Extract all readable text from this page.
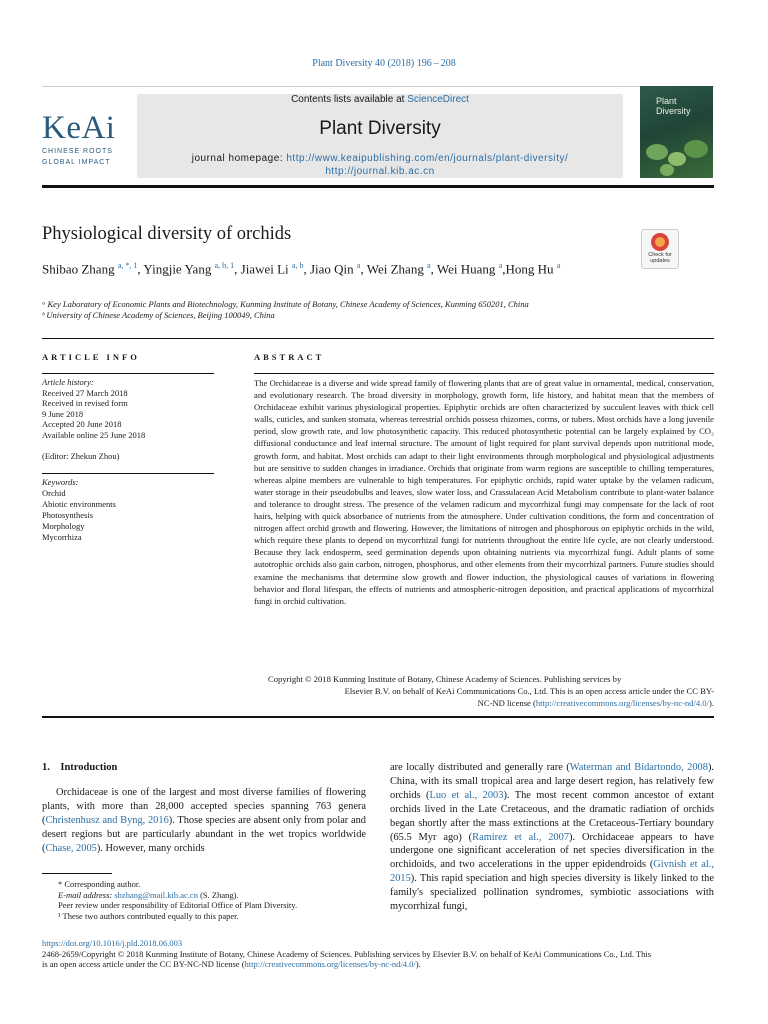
Plant Diversity 40 (2018) 196 – 208
KeAi
CHINESE ROOTS
GLOBAL IMPACT
Contents lists available at ScienceDirect
Plant Diversity
journal homepage: http://www.keaipublishing.com/en/journals/plant-diversity/
http://journal.kib.ac.cn
Plant
Diversity
Physiological diversity of orchids
Check for
updates
Shibao Zhang $^{a, *, 1}$, Yingjie Yang $^{a, b, 1}$, Jiawei Li $^{a, b}$, Jiao Qin $^a$, Wei Zhang $^a$, Wei Huang $^a$,Hong Hu $^a$
ᵃ Key Laboratory of Economic Plants and Biotechnology, Kunming Institute of Botany, Chinese Academy of Sciences, Kunming 650201, China
ᵇ University of Chinese Academy of Sciences, Beijing 100049, China
ARTICLE INFO
Article history:
Received 27 March 2018
Received in revised form
9 June 2018
Accepted 20 June 2018
Available online 25 June 2018
(Editor: Zhekun Zhou)
Keywords:
Orchid
Abiotic environments
Photosynthesis
Morphology
Mycorrhiza
ABSTRACT
The Orchidaceae is a diverse and wide spread family of flowering plants that are of great value in ornamental, medical, conservation, and evolutionary research. The broad diversity in morphology, growth form, life history, and habitat mean that the members of Orchidaceae exhibit various physiological properties. Epiphytic orchids are often characterized by succulent leaves with thick cell walls, cuticles, and sunken stomata, whereas terrestrial orchids possess rhizomes, corms, or tubers. Most orchids have a long juvenile period, slow growth rate, and low photosynthetic capacity. This reduced photosynthetic potential can be largely explained by CO₂ diffusional conductance and leaf internal structure. The amount of light required for plant survival depends upon nutritional mode, growth form, and habitat. Most orchids can adapt to their light environments through morphological and physiological adjustments but are sensitive to sudden changes in irradiance. Orchids that originate from warm regions are susceptible to chilling temperatures, whereas alpine members are vulnerable to high temperatures. For epiphytic orchids, rapid water uptake by the velamen radicum, water storage in their pseudobulbs and leaves, slow water loss, and Crassulacean Acid Metabolism contribute to plant-water balance and tolerance to drought stress. The presence of the velamen radicum and mycorrhizal fungi may compensate for the lack of root hairs, helping with quick absorbance of nutrients from the atmosphere. Under cultivation conditions, the form and concentration of nitrogen affect orchid growth and flowering. However, the limitations of nitrogen and phosphorous on epiphytic orchids in the wild, which require these plants to depend on mycorrhizal fungi for nutrients throughout the entire life cycle, are not clearly understood. Because they lack endosperm, seed germination depends upon obtaining nutrients via mycorrhizal fungi. Adult plants of some autotrophic orchids also gain carbon, nitrogen, phosphorus, and other elements from their mycorrhizal partners. Future studies should examine the mechanisms that determine slow growth and flower induction, the physiological causes of variations in flowering behavior and floral lifespan, the effects of nutrients and atmospheric-nitrogen deposition, and practical applications of mycorrhizal fungi in orchid cultivation.
Copyright © 2018 Kunming Institute of Botany, Chinese Academy of Sciences. Publishing services by
Elsevier B.V. on behalf of KeAi Communications Co., Ltd. This is an open access article under the CC BY-
NC-ND license (http://creativecommons.org/licenses/by-nc-nd/4.0/).
1. Introduction
Orchidaceae is one of the largest and most diverse families of flowering plants, with more than 28,000 accepted species spanning 763 genera (Christenhusz and Byng, 2016). Those species are absent only from polar and desert regions but are particularly abundant in the wet tropics worldwide (Chase, 2005). However, many orchids
are locally distributed and generally rare (Waterman and Bidartondo, 2008). China, with its small tropical area and large desert region, has relatively few orchids (Luo et al., 2003). The most recent common ancestor of extant orchids lived in the Late Cretaceous, and the dramatic radiation of orchids began shortly after the mass extinctions at the Cretaceous-Tertiary boundary (65.5 Myr ago) (Ramírez et al., 2007). Orchidaceae appears to have undergone one significant acceleration of net species diversification in the orchidoids, and two accelerations in the upper epidendroids (Givnish et al., 2015). This rapid speciation and high species diversity is likely linked to the family's specialized pollination syndromes, symbiotic associations with mycorrhizal fungi,
* Corresponding author.
E-mail address: sbzhang@mail.kib.ac.cn (S. Zhang).
Peer review under responsibility of Editorial Office of Plant Diversity.
¹ These two authors contributed equally to this paper.
https://doi.org/10.1016/j.pld.2018.06.003
2468-2659/Copyright © 2018 Kunming Institute of Botany, Chinese Academy of Sciences. Publishing services by Elsevier B.V. on behalf of KeAi Communications Co., Ltd. This
is an open access article under the CC BY-NC-ND license (http://creativecommons.org/licenses/by-nc-nd/4.0/).
